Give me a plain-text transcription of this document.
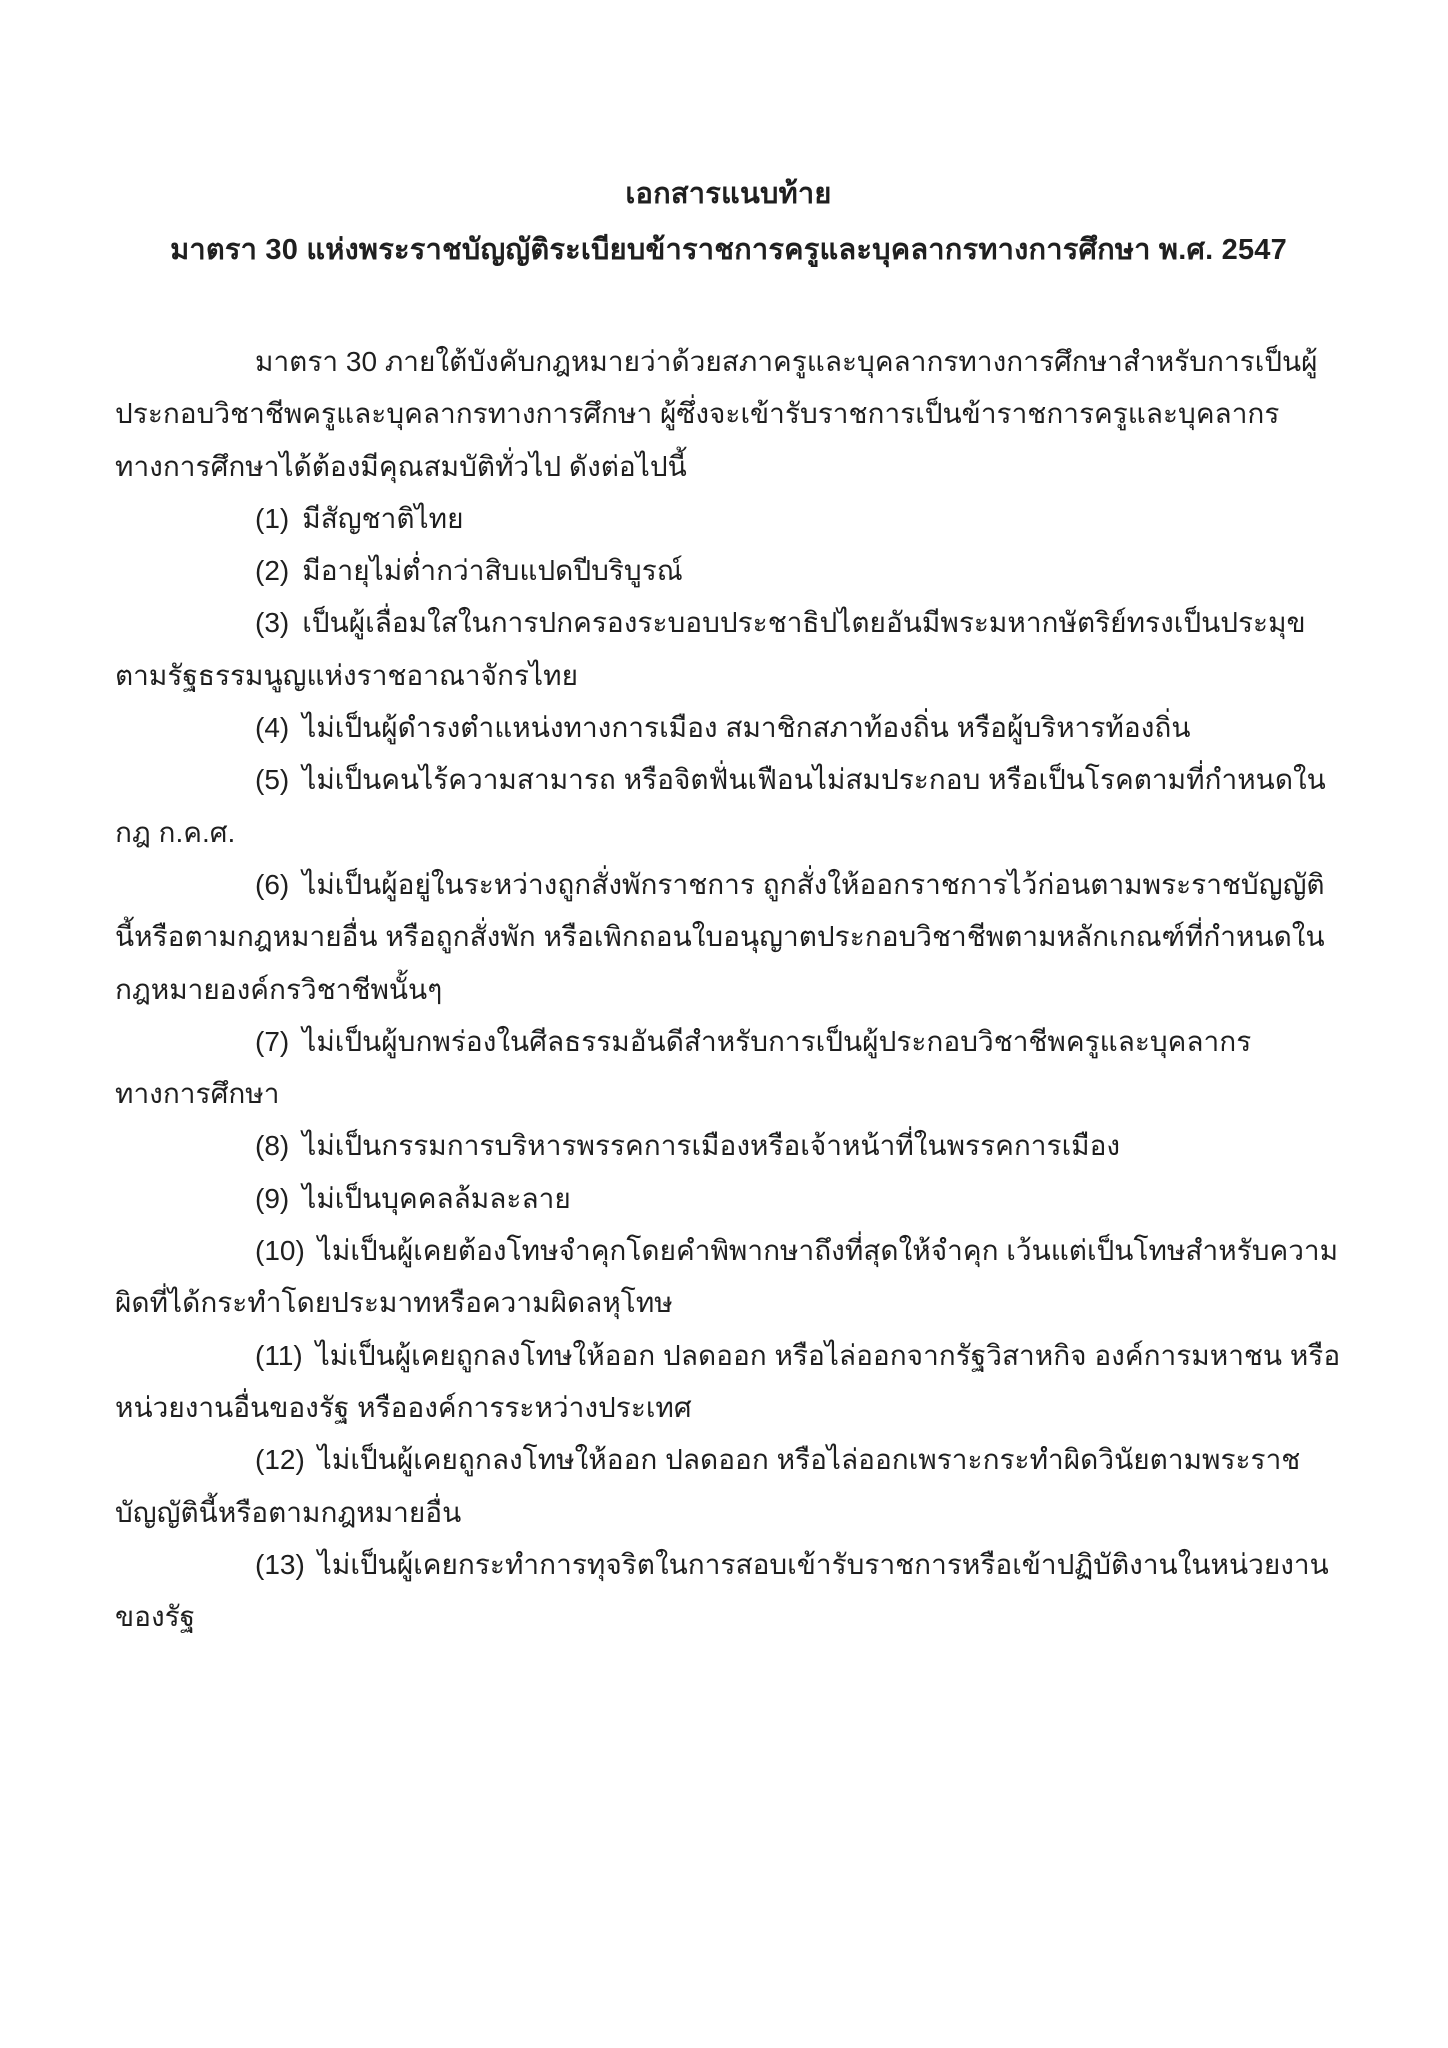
เอกสารแนบท้าย
มาตรา 30 แห่งพระราชบัญญัติระเบียบข้าราชการครูและบุคลากรทางการศึกษา พ.ศ. 2547

มาตรา 30 ภายใต้บังคับกฎหมายว่าด้วยสภาครูและบุคลากรทางการศึกษาสำหรับการเป็นผู้ประกอบวิชาชีพครูและบุคลากรทางการศึกษา ผู้ซึ่งจะเข้ารับราชการเป็นข้าราชการครูและบุคลากรทางการศึกษาได้ต้องมีคุณสมบัติทั่วไป ดังต่อไปนี้

(1) มีสัญชาติไทย

(2) มีอายุไม่ต่ำกว่าสิบแปดปีบริบูรณ์

(3) เป็นผู้เลื่อมใสในการปกครองระบอบประชาธิปไตยอันมีพระมหากษัตริย์ทรงเป็นประมุขตามรัฐธรรมนูญแห่งราชอาณาจักรไทย

(4) ไม่เป็นผู้ดำรงตำแหน่งทางการเมือง สมาชิกสภาท้องถิ่น หรือผู้บริหารท้องถิ่น

(5) ไม่เป็นคนไร้ความสามารถ หรือจิตฟั่นเฟือนไม่สมประกอบ หรือเป็นโรคตามที่กำหนดในกฎ ก.ค.ศ.

(6) ไม่เป็นผู้อยู่ในระหว่างถูกสั่งพักราชการ ถูกสั่งให้ออกราชการไว้ก่อนตามพระราชบัญญัตินี้หรือตามกฎหมายอื่น หรือถูกสั่งพัก หรือเพิกถอนใบอนุญาตประกอบวิชาชีพตามหลักเกณฑ์ที่กำหนดในกฎหมายองค์กรวิชาชีพนั้นๆ

(7) ไม่เป็นผู้บกพร่องในศีลธรรมอันดีสำหรับการเป็นผู้ประกอบวิชาชีพครูและบุคลากรทางการศึกษา

(8) ไม่เป็นกรรมการบริหารพรรคการเมืองหรือเจ้าหน้าที่ในพรรคการเมือง

(9) ไม่เป็นบุคคลล้มละลาย

(10) ไม่เป็นผู้เคยต้องโทษจำคุกโดยคำพิพากษาถึงที่สุดให้จำคุก เว้นแต่เป็นโทษสำหรับความผิดที่ได้กระทำโดยประมาทหรือความผิดลหุโทษ

(11) ไม่เป็นผู้เคยถูกลงโทษให้ออก ปลดออก หรือไล่ออกจากรัฐวิสาหกิจ องค์การมหาชน หรือหน่วยงานอื่นของรัฐ หรือองค์การระหว่างประเทศ

(12) ไม่เป็นผู้เคยถูกลงโทษให้ออก ปลดออก หรือไล่ออกเพราะกระทำผิดวินัยตามพระราชบัญญัตินี้หรือตามกฎหมายอื่น

(13) ไม่เป็นผู้เคยกระทำการทุจริตในการสอบเข้ารับราชการหรือเข้าปฏิบัติงานในหน่วยงานของรัฐ
